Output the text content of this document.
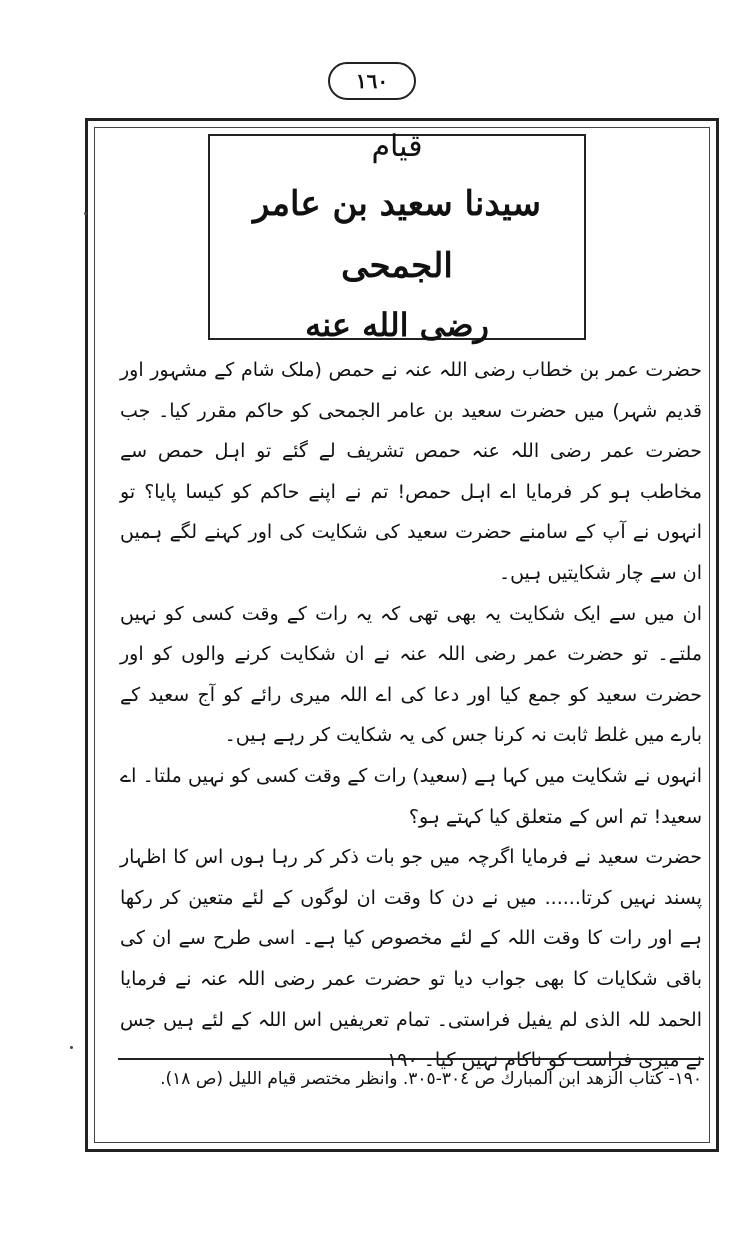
١٦٠
قيام
سيدنا سعيد بن عامر الجمحى
رضى الله عنه

حضرت عمر بن خطاب رضی اللہ عنہ نے حمص (ملک شام کے مشہور اور قدیم شہر) میں حضرت سعید بن عامر الجمحی کو حاکم مقرر کیا۔ جب حضرت عمر رضی اللہ عنہ حمص تشریف لے گئے تو اہل حمص سے مخاطب ہو کر فرمایا اے اہل حمص! تم نے اپنے حاکم کو کیسا پایا؟ تو انہوں نے آپ کے سامنے حضرت سعید کی شکایت کی اور کہنے لگے ہمیں ان سے چار شکایتیں ہیں۔

ان میں سے ایک شکایت یہ بھی تھی کہ یہ رات کے وقت کسی کو نہیں ملتے۔ تو حضرت عمر رضی اللہ عنہ نے ان شکایت کرنے والوں کو اور حضرت سعید کو جمع کیا اور دعا کی اے اللہ میری رائے کو آج سعید کے بارے میں غلط ثابت نہ کرنا جس کی یہ شکایت کر رہے ہیں۔

انہوں نے شکایت میں کہا ہے (سعید) رات کے وقت کسی کو نہیں ملتا۔ اے سعید! تم اس کے متعلق کیا کہتے ہو؟

حضرت سعید نے فرمایا اگرچہ میں جو بات ذکر کر رہا ہوں اس کا اظہار پسند نہیں کرتا...... میں نے دن کا وقت ان لوگوں کے لئے متعین کر رکھا ہے اور رات کا وقت اللہ کے لئے مخصوص کیا ہے۔ اسی طرح سے ان کی باقی شکایات کا بھی جواب دیا تو حضرت عمر رضی اللہ عنہ نے فرمایا الحمد للہ الذی لم یفیل فراستی۔ تمام تعریفیں اس اللہ کے لئے ہیں جس نے میری فراست کو ناکام نہیں کیا۔ ١٩٠

١٩٠- كتاب الزهد ابن المبارك ص ٣٠٤-٣٠٥. وانظر مختصر قيام الليل (ص ١٨).
